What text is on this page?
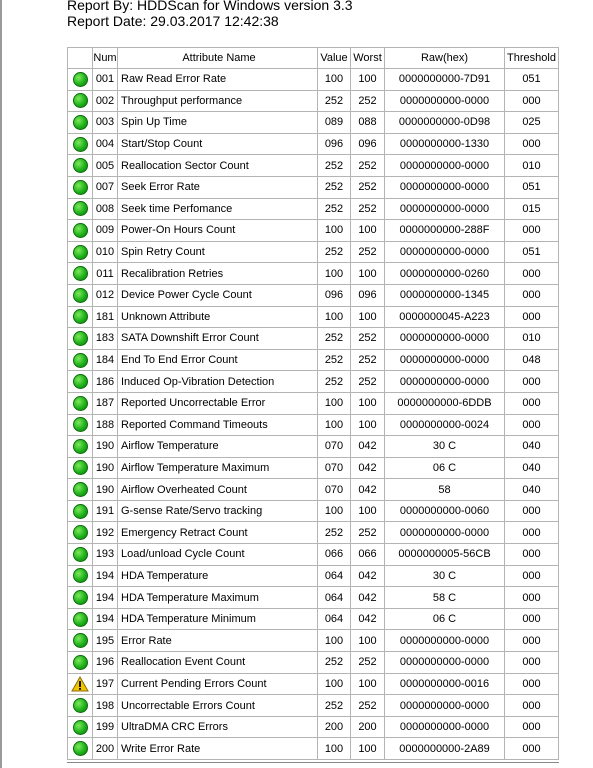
Report By: HDDScan for Windows version 3.3
Report Date: 29.03.2017 12:42:38
	Num	Attribute Name	Value	Worst	Raw(hex)	Threshold
	001	Raw Read Error Rate	100	100	0000000000-7D91	051
	002	Throughput performance	252	252	0000000000-0000	000
	003	Spin Up Time	089	088	0000000000-0D98	025
	004	Start/Stop Count	096	096	0000000000-1330	000
	005	Reallocation Sector Count	252	252	0000000000-0000	010
	007	Seek Error Rate	252	252	0000000000-0000	051
	008	Seek time Perfomance	252	252	0000000000-0000	015
	009	Power-On Hours Count	100	100	0000000000-288F	000
	010	Spin Retry Count	252	252	0000000000-0000	051
	011	Recalibration Retries	100	100	0000000000-0260	000
	012	Device Power Cycle Count	096	096	0000000000-1345	000
	181	Unknown Attribute	100	100	0000000045-A223	000
	183	SATA Downshift Error Count	252	252	0000000000-0000	010
	184	End To End Error Count	252	252	0000000000-0000	048
	186	Induced Op-Vibration Detection	252	252	0000000000-0000	000
	187	Reported Uncorrectable Error	100	100	0000000000-6DDB	000
	188	Reported Command Timeouts	100	100	0000000000-0024	000
	190	Airflow Temperature	070	042	30 C	040
	190	Airflow Temperature Maximum	070	042	06 C	040
	190	Airflow Overheated Count	070	042	58	040
	191	G-sense Rate/Servo tracking	100	100	0000000000-0060	000
	192	Emergency Retract Count	252	252	0000000000-0000	000
	193	Load/unload Cycle Count	066	066	0000000005-56CB	000
	194	HDA Temperature	064	042	30 C	000
	194	HDA Temperature Maximum	064	042	58 C	000
	194	HDA Temperature Minimum	064	042	06 C	000
	195	Error Rate	100	100	0000000000-0000	000
	196	Reallocation Event Count	252	252	0000000000-0000	000
	197	Current Pending Errors Count	100	100	0000000000-0016	000
	198	Uncorrectable Errors Count	252	252	0000000000-0000	000
	199	UltraDMA CRC Errors	200	200	0000000000-0000	000
	200	Write Error Rate	100	100	0000000000-2A89	000
